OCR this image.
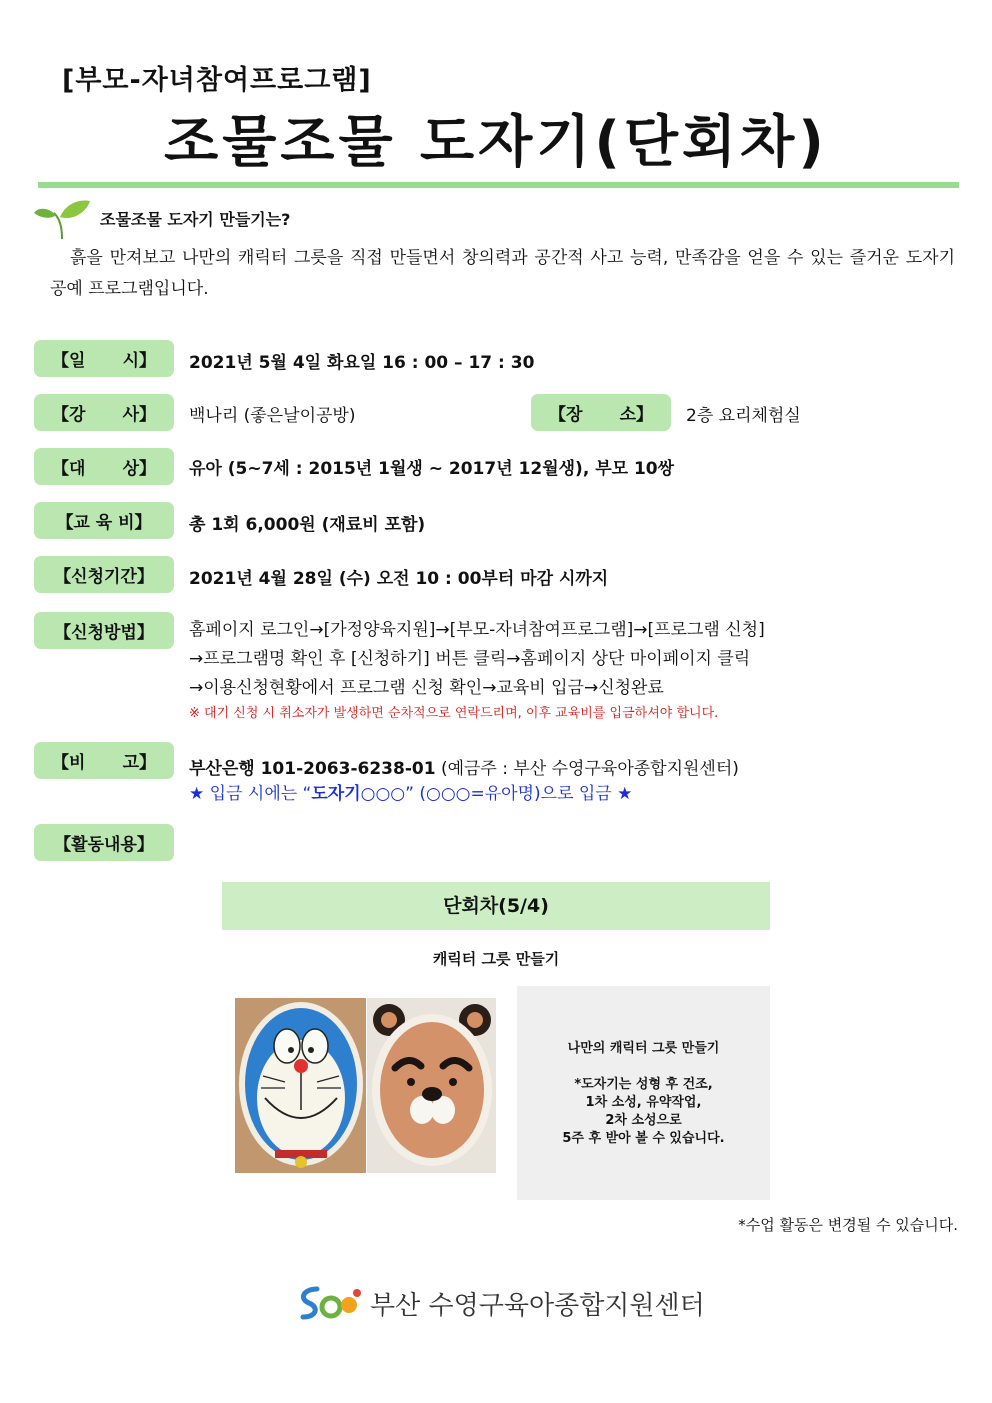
[부모-자녀참여프로그램]
조물조물 도자기(단회차)
조물조물 도자기 만들기는?
흙을 만져보고 나만의 캐릭터 그릇을 직접 만들면서 창의력과 공간적 사고 능력, 만족감을 얻을 수 있는 즐거운 도자기 공예 프로그램입니다.
【일 시】 2021년 5월 4일 화요일 16 : 00 – 17 : 30
【강 사】 백나리 (좋은날이공방)	【장 소】 2층 요리체험실
【대 상】 유아 (5~7세 : 2015년 1월생 ~ 2017년 12월생), 부모 10쌍
【교 육 비】	총 1회 6,000원 (재료비 포함)
【신청기간】	2021년 4월 28일 (수) 오전 10 : 00부터 마감 시까지
【신청방법】	홈페이지 로그인→[가정양육지원]→[부모-자녀참여프로그램]→[프로그램 신청]
→프로그램명 확인 후 [신청하기] 버튼 클릭→홈페이지 상단 마이페이지 클릭
→이용신청현황에서 프로그램 신청 확인→교육비 입금→신청완료
※ 대기 신청 시 취소자가 발생하면 순차적으로 연락드리며, 이후 교육비를 입금하셔야 합니다.
【비 고】 부산은행 101-2063-6238-01 (예금주 : 부산 수영구육아종합지원센터)
★ 입금 시에는 “도자기○○○” (○○○=유아명)으로 입금 ★
【활동내용】
단회차(5/4)
캐릭터 그릇 만들기
나만의 캐릭터 그릇 만들기
*도자기는 성형 후 건조,
1차 소성, 유약작업,
2차 소성으로
5주 후 받아 볼 수 있습니다.
*수업 활동은 변경될 수 있습니다.
부산 수영구육아종합지원센터
